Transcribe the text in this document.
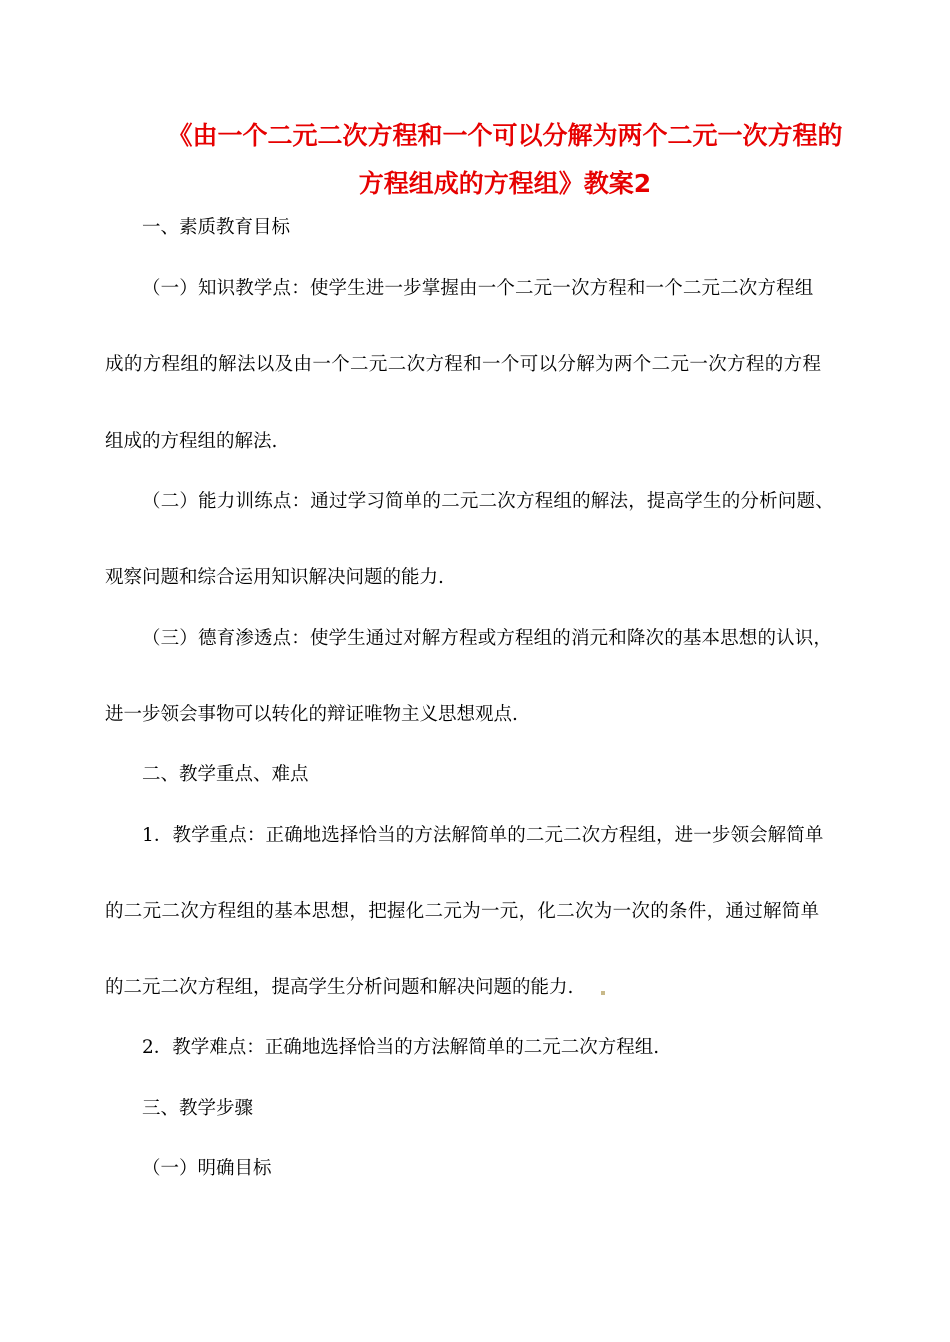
《由一个二元二次方程和一个可以分解为两个二元一次方程的
方程组成的方程组》教案2
一、素质教育目标
（一）知识教学点：使学生进一步掌握由一个二元一次方程和一个二元二次方程组
成的方程组的解法以及由一个二元二次方程和一个可以分解为两个二元一次方程的方程
组成的方程组的解法.
（二）能力训练点：通过学习简单的二元二次方程组的解法，提高学生的分析问题、
观察问题和综合运用知识解决问题的能力.
（三）德育渗透点：使学生通过对解方程或方程组的消元和降次的基本思想的认识，
进一步领会事物可以转化的辩证唯物主义思想观点.
二、教学重点、难点
1．教学重点：正确地选择恰当的方法解简单的二元二次方程组，进一步领会解简单
的二元二次方程组的基本思想，把握化二元为一元，化二次为一次的条件，通过解简单
的二元二次方程组，提高学生分析问题和解决问题的能力.
2．教学难点：正确地选择恰当的方法解简单的二元二次方程组.
三、教学步骤
（一）明确目标
